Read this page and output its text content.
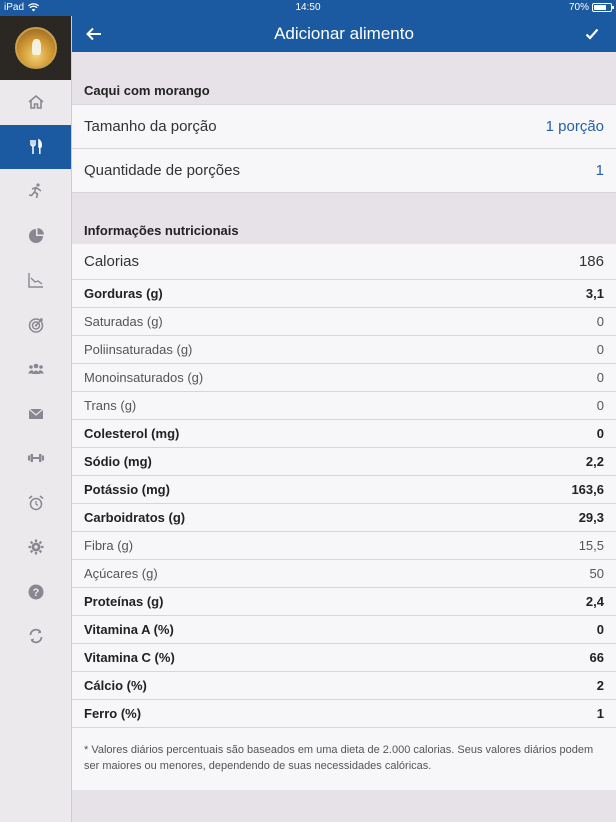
iPad	14:50	70%
?
Adicionar alimento
Caqui com morango
Tamanho da porção	1 porção
Quantidade de porções	1
Informações nutricionais
Calorias	186
Gorduras (g)	3,1
Saturadas (g)	0
Poliinsaturadas (g)	0
Monoinsaturados (g)	0
Trans (g)	0
Colesterol (mg)	0
Sódio (mg)	2,2
Potássio (mg)	163,6
Carboidratos (g)	29,3
Fibra (g)	15,5
Açúcares (g)	50
Proteínas (g)	2,4
Vitamina A (%)	0
Vitamina C (%)	66
Cálcio (%)	2
Ferro (%)	1
* Valores diários percentuais são baseados em uma dieta de 2.000 calorias. Seus valores diários podem ser maiores ou menores, dependendo de suas necessidades calóricas.
